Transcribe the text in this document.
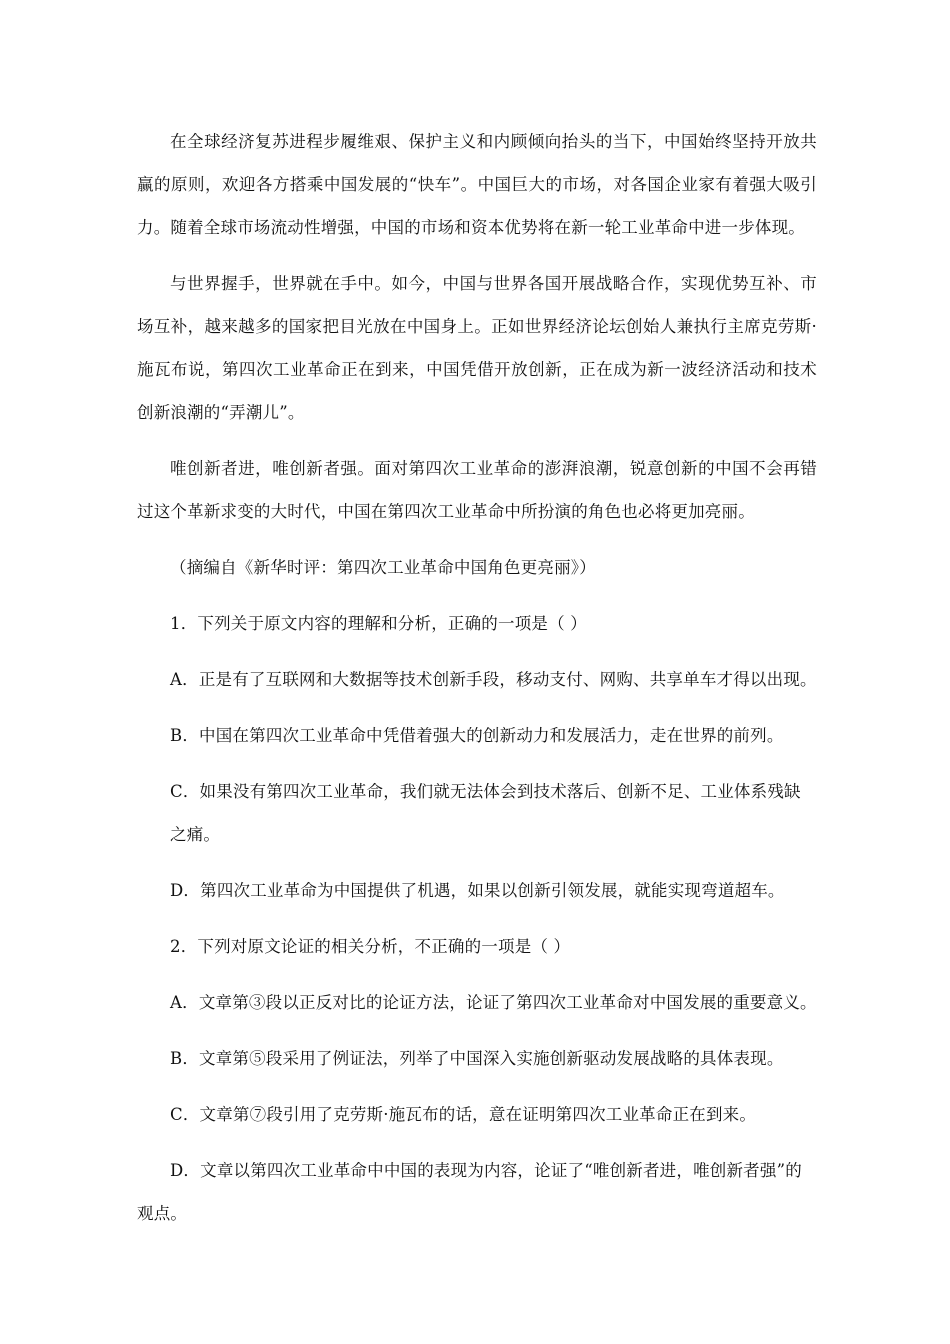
在全球经济复苏进程步履维艰、保护主义和内顾倾向抬头的当下，中国始终坚持开放共赢的原则，欢迎各方搭乘中国发展的“快车”。中国巨大的市场，对各国企业家有着强大吸引力。随着全球市场流动性增强，中国的市场和资本优势将在新一轮工业革命中进一步体现。

与世界握手，世界就在手中。如今，中国与世界各国开展战略合作，实现优势互补、市场互补，越来越多的国家把目光放在中国身上。正如世界经济论坛创始人兼执行主席克劳斯·施瓦布说，第四次工业革命正在到来，中国凭借开放创新，正在成为新一波经济活动和技术创新浪潮的“弄潮儿”。

唯创新者进，唯创新者强。面对第四次工业革命的澎湃浪潮，锐意创新的中国不会再错过这个革新求变的大时代，中国在第四次工业革命中所扮演的角色也必将更加亮丽。

（摘编自《新华时评：第四次工业革命中国角色更亮丽》）

1．下列关于原文内容的理解和分析，正确的一项是（ ）

A．正是有了互联网和大数据等技术创新手段，移动支付、网购、共享单车才得以出现。

B．中国在第四次工业革命中凭借着强大的创新动力和发展活力，走在世界的前列。

C．如果没有第四次工业革命，我们就无法体会到技术落后、创新不足、工业体系残缺之痛。

D．第四次工业革命为中国提供了机遇，如果以创新引领发展，就能实现弯道超车。

2．下列对原文论证的相关分析，不正确的一项是（ ）

A．文章第③段以正反对比的论证方法，论证了第四次工业革命对中国发展的重要意义。

B．文章第⑤段采用了例证法，列举了中国深入实施创新驱动发展战略的具体表现。

C．文章第⑦段引用了克劳斯·施瓦布的话，意在证明第四次工业革命正在到来。

D．文章以第四次工业革命中中国的表现为内容，论证了“唯创新者进，唯创新者强”的观点。
